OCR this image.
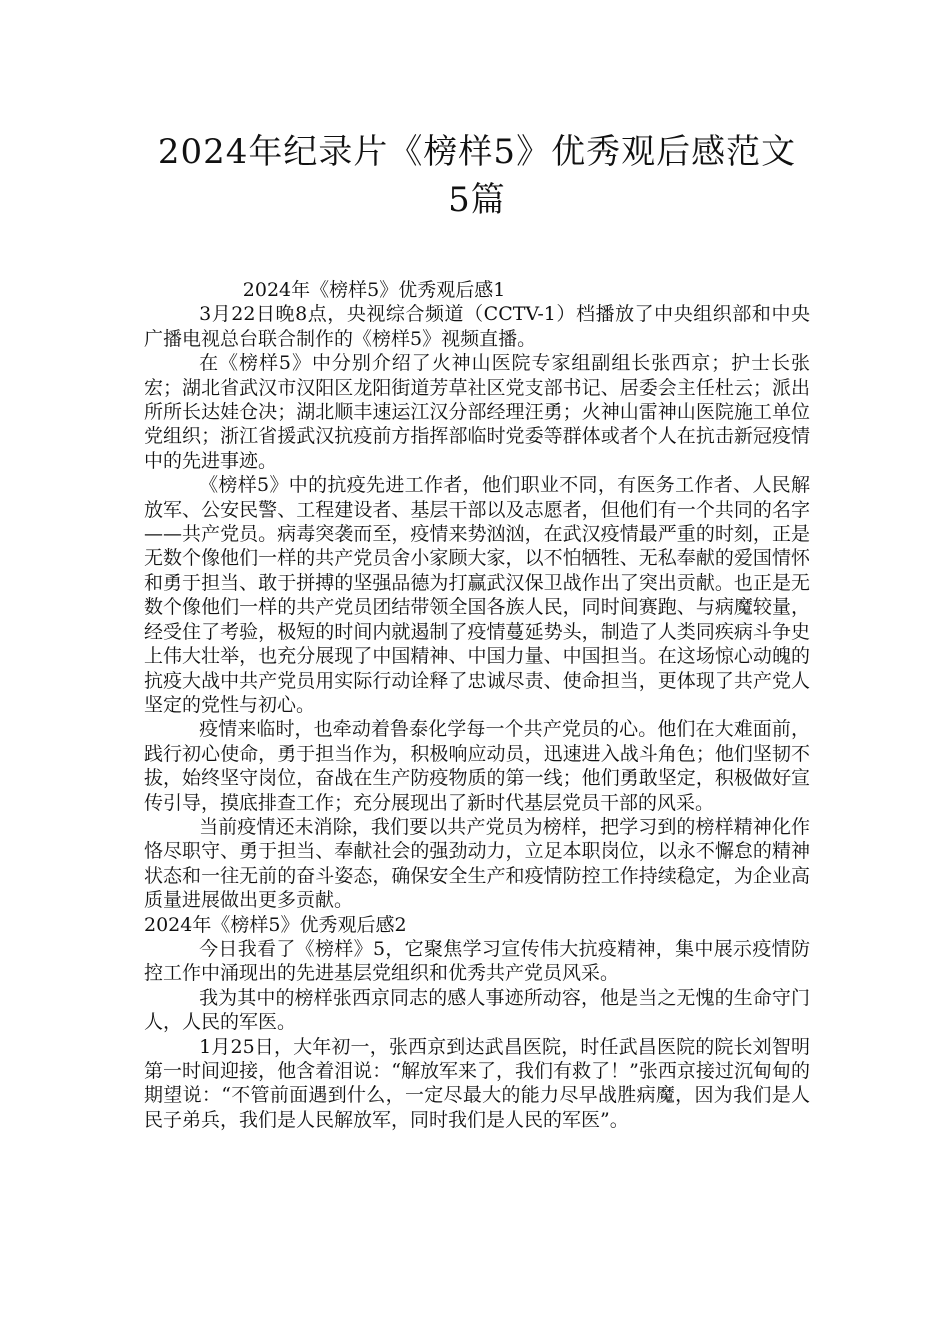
2024年纪录片《榜样5》优秀观后感范文5篇

2024年《榜样5》优秀观后感1

3月22日晚8点，央视综合频道（CCTV-1）档播放了中央组织部和中央广播电视总台联合制作的《榜样5》视频直播。

在《榜样5》中分别介绍了火神山医院专家组副组长张西京；护士长张宏；湖北省武汉市汉阳区龙阳街道芳草社区党支部书记、居委会主任杜云；派出所所长达娃仓决；湖北顺丰速运江汉分部经理汪勇；火神山雷神山医院施工单位党组织；浙江省援武汉抗疫前方指挥部临时党委等群体或者个人在抗击新冠疫情中的先进事迹。

《榜样5》中的抗疫先进工作者，他们职业不同，有医务工作者、人民解放军、公安民警、工程建设者、基层干部以及志愿者，但他们有一个共同的名字——共产党员。病毒突袭而至，疫情来势汹汹，在武汉疫情最严重的时刻，正是无数个像他们一样的共产党员舍小家顾大家，以不怕牺牲、无私奉献的爱国情怀和勇于担当、敢于拼搏的坚强品德为打赢武汉保卫战作出了突出贡献。也正是无数个像他们一样的共产党员团结带领全国各族人民，同时间赛跑、与病魔较量，经受住了考验，极短的时间内就遏制了疫情蔓延势头，制造了人类同疾病斗争史上伟大壮举，也充分展现了中国精神、中国力量、中国担当。在这场惊心动魄的抗疫大战中共产党员用实际行动诠释了忠诚尽责、使命担当，更体现了共产党人坚定的党性与初心。

疫情来临时，也牵动着鲁泰化学每一个共产党员的心。他们在大难面前，践行初心使命，勇于担当作为，积极响应动员，迅速进入战斗角色；他们坚韧不拔，始终坚守岗位，奋战在生产防疫物质的第一线；他们勇敢坚定，积极做好宣传引导，摸底排查工作；充分展现出了新时代基层党员干部的风采。

当前疫情还未消除，我们要以共产党员为榜样，把学习到的榜样精神化作恪尽职守、勇于担当、奉献社会的强劲动力，立足本职岗位，以永不懈怠的精神状态和一往无前的奋斗姿态，确保安全生产和疫情防控工作持续稳定，为企业高质量进展做出更多贡献。

2024年《榜样5》优秀观后感2

今日我看了《榜样》5，它聚焦学习宣传伟大抗疫精神，集中展示疫情防控工作中涌现出的先进基层党组织和优秀共产党员风采。

我为其中的榜样张西京同志的感人事迹所动容，他是当之无愧的生命守门人，人民的军医。

1月25日，大年初一，张西京到达武昌医院，时任武昌医院的院长刘智明第一时间迎接，他含着泪说：“解放军来了，我们有救了！”张西京接过沉甸甸的期望说：“不管前面遇到什么，一定尽最大的能力尽早战胜病魔，因为我们是人民子弟兵，我们是人民解放军，同时我们是人民的军医”。
